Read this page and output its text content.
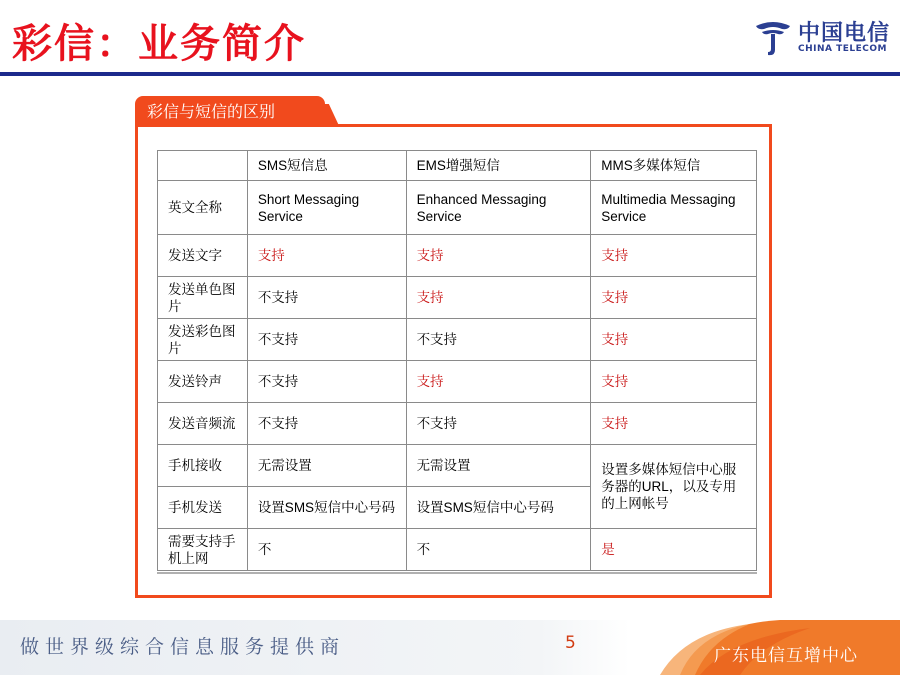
彩信：业务简介	中国电信
CHINA TELECOM
彩信与短信的区别
	SMS短信息	EMS增强短信	MMS多媒体短信
英文全称	Short Messaging Service	Enhanced Messaging Service	Multimedia Messaging Service
发送文字	支持	支持	支持
发送单色图片	不支持	支持	支持
发送彩色图片	不支持	不支持	支持
发送铃声	不支持	支持	支持
发送音频流	不支持	不支持	支持
手机接收	无需设置	无需设置	设置多媒体短信中心服务器的URL，以及专用的上网帐号
手机发送	设置SMS短信中心号码	设置SMS短信中心号码	
需要支持手机上网	不	不	是
做世界级综合信息服务提供商	5
广东电信互增中心
